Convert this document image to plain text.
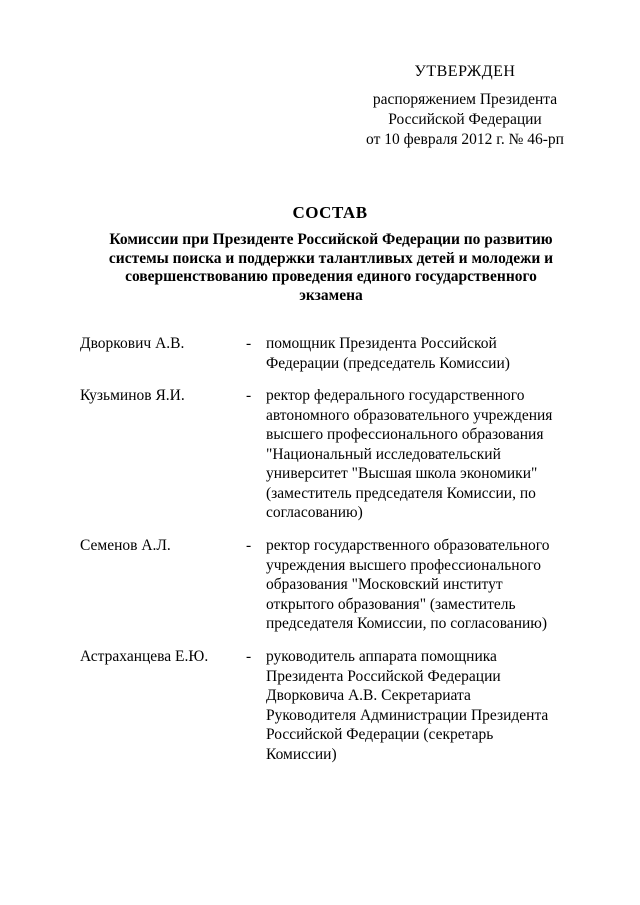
УТВЕРЖДЕН
распоряжением Президента
Российской Федерации
от 10 февраля 2012 г. № 46-рп
СОСТАВ
Комиссии при Президенте Российской Федерации по развитию
системы поиска и поддержки талантливых детей и молодежи и
совершенствованию проведения единого государственного
экзамена
Дворкович А.В.	- помощник Президента Российской
Федерации (председатель Комиссии)
Кузьминов Я.И.	- ректор федерального государственного
автономного образовательного учреждения
высшего профессионального образования
"Национальный исследовательский
университет "Высшая школа экономики"
(заместитель председателя Комиссии, по
согласованию)
Семенов А.Л.	- ректор государственного образовательного
учреждения высшего профессионального
образования "Московский институт
открытого образования" (заместитель
председателя Комиссии, по согласованию)
Астраханцева Е.Ю. - руководитель аппарата помощника
Президента Российской Федерации
Дворковича А.В. Секретариата
Руководителя Администрации Президента
Российской Федерации (секретарь
Комиссии)
